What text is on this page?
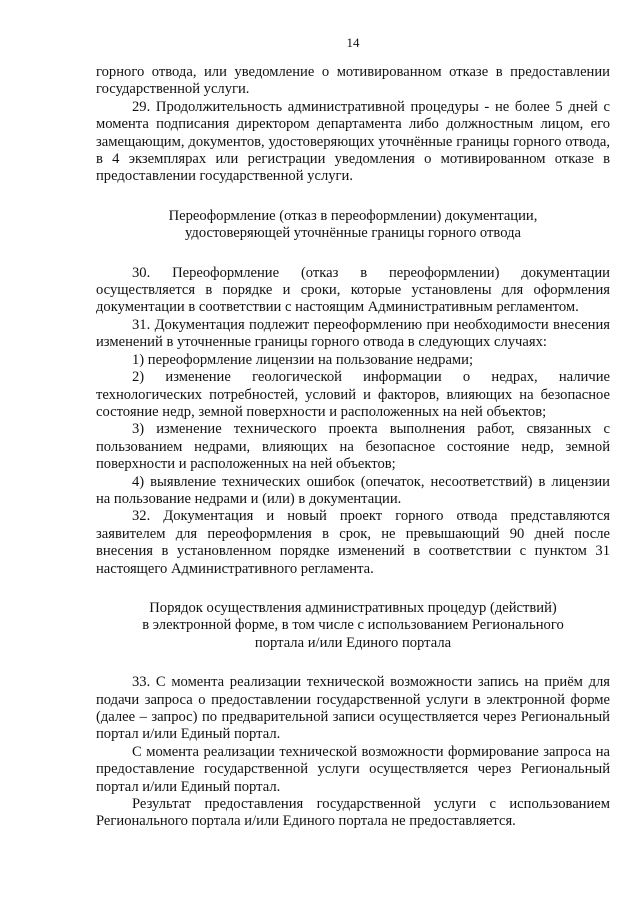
14

горного отвода, или уведомление о мотивированном отказе в предоставлении государственной услуги.

29. Продолжительность административной процедуры - не более 5 дней с момента подписания директором департамента либо должностным лицом, его замещающим, документов, удостоверяющих уточнённые границы горного отвода, в 4 экземплярах или регистрации уведомления о мотивированном отказе в предоставлении государственной услуги.

Переоформление (отказ в переоформлении) документации,
удостоверяющей уточнённые границы горного отвода

30. Переоформление (отказ в переоформлении) документации осуществляется в порядке и сроки, которые установлены для оформления документации в соответствии с настоящим Административным регламентом.

31. Документация подлежит переоформлению при необходимости внесения изменений в уточненные границы горного отвода в следующих случаях:

1) переоформление лицензии на пользование недрами;

2) изменение геологической информации о недрах, наличие технологических потребностей, условий и факторов, влияющих на безопасное состояние недр, земной поверхности и расположенных на ней объектов;

3) изменение технического проекта выполнения работ, связанных с пользованием недрами, влияющих на безопасное состояние недр, земной поверхности и расположенных на ней объектов;

4) выявление технических ошибок (опечаток, несоответствий) в лицензии на пользование недрами и (или) в документации.

32. Документация и новый проект горного отвода представляются заявителем для переоформления в срок, не превышающий 90 дней после внесения в установленном порядке изменений в соответствии с пунктом 31 настоящего Административного регламента.

Порядок осуществления административных процедур (действий)
в электронной форме, в том числе с использованием Регионального
портала и/или Единого портала

33. С момента реализации технической возможности запись на приём для подачи запроса о предоставлении государственной услуги в электронной форме (далее – запрос) по предварительной записи осуществляется через Региональный портал и/или Единый портал.

С момента реализации технической возможности формирование запроса на предоставление государственной услуги осуществляется через Региональный портал и/или Единый портал.

Результат предоставления государственной услуги с использованием Регионального портала и/или Единого портала не предоставляется.
